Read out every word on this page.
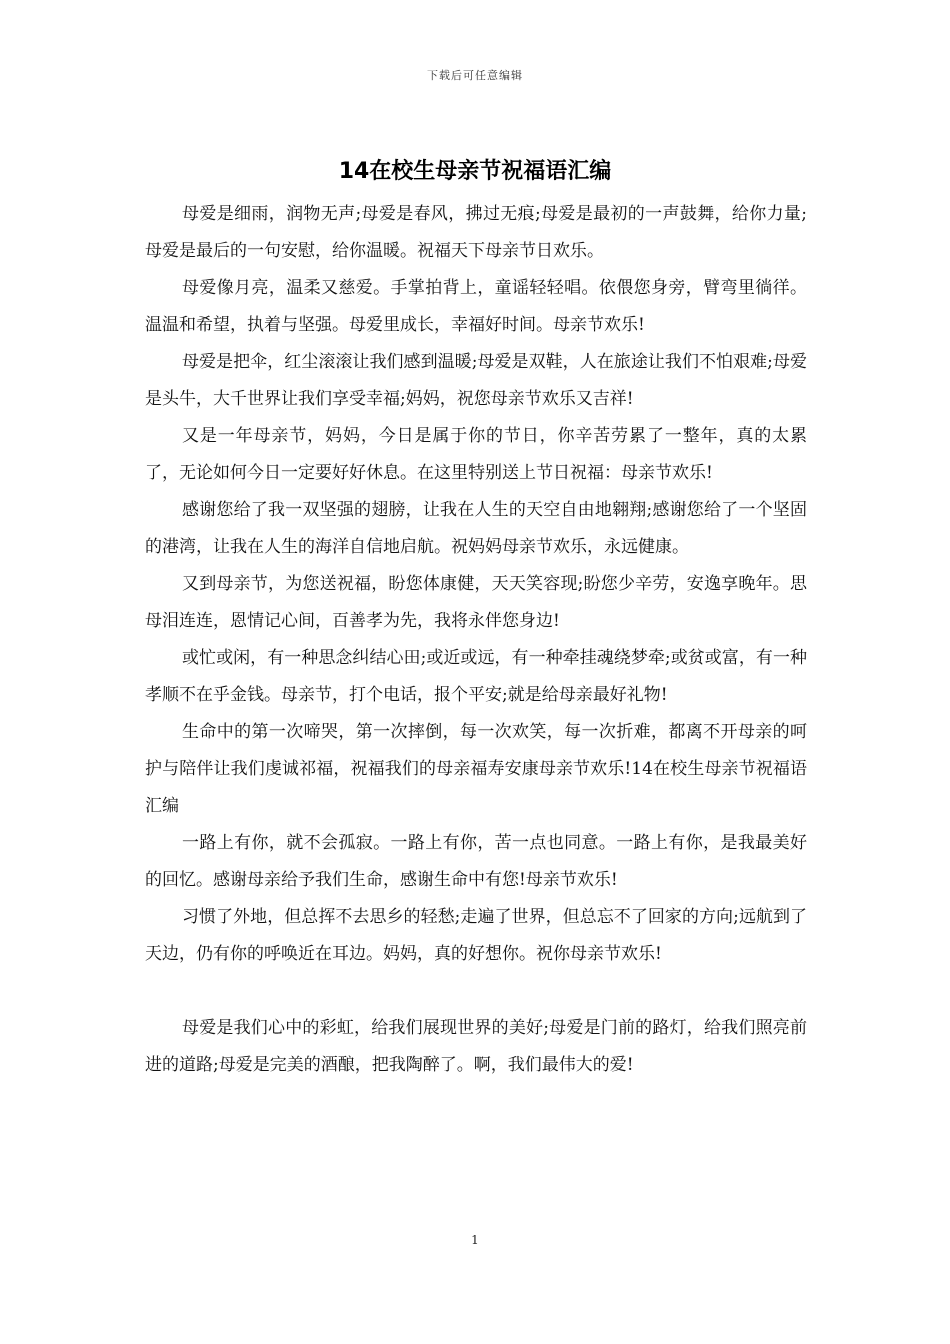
下载后可任意编辑
14在校生母亲节祝福语汇编

母爱是细雨，润物无声;母爱是春风，拂过无痕;母爱是最初的一声鼓舞，给你力量;母爱是最后的一句安慰，给你温暖。祝福天下母亲节日欢乐。

母爱像月亮，温柔又慈爱。手掌拍背上，童谣轻轻唱。依偎您身旁，臂弯里徜徉。温温和希望，执着与坚强。母爱里成长，幸福好时间。母亲节欢乐!

母爱是把伞，红尘滚滚让我们感到温暖;母爱是双鞋，人在旅途让我们不怕艰难;母爱是头牛，大千世界让我们享受幸福;妈妈，祝您母亲节欢乐又吉祥!

又是一年母亲节，妈妈，今日是属于你的节日，你辛苦劳累了一整年，真的太累了，无论如何今日一定要好好休息。在这里特别送上节日祝福：母亲节欢乐!

感谢您给了我一双坚强的翅膀，让我在人生的天空自由地翱翔;感谢您给了一个坚固的港湾，让我在人生的海洋自信地启航。祝妈妈母亲节欢乐，永远健康。

又到母亲节，为您送祝福，盼您体康健，天天笑容现;盼您少辛劳，安逸享晚年。思母泪连连，恩情记心间，百善孝为先，我将永伴您身边!

或忙或闲，有一种思念纠结心田;或近或远，有一种牵挂魂绕梦牵;或贫或富，有一种孝顺不在乎金钱。母亲节，打个电话，报个平安;就是给母亲最好礼物!

生命中的第一次啼哭，第一次摔倒，每一次欢笑，每一次折难，都离不开母亲的呵护与陪伴让我们虔诚祁福，祝福我们的母亲福寿安康母亲节欢乐!14在校生母亲节祝福语汇编

一路上有你，就不会孤寂。一路上有你，苦一点也同意。一路上有你，是我最美好的回忆。感谢母亲给予我们生命，感谢生命中有您!母亲节欢乐!

习惯了外地，但总挥不去思乡的轻愁;走遍了世界，但总忘不了回家的方向;远航到了天边，仍有你的呼唤近在耳边。妈妈，真的好想你。祝你母亲节欢乐!

母爱是我们心中的彩虹，给我们展现世界的美好;母爱是门前的路灯，给我们照亮前进的道路;母爱是完美的酒酿，把我陶醉了。啊，我们最伟大的爱!

1
